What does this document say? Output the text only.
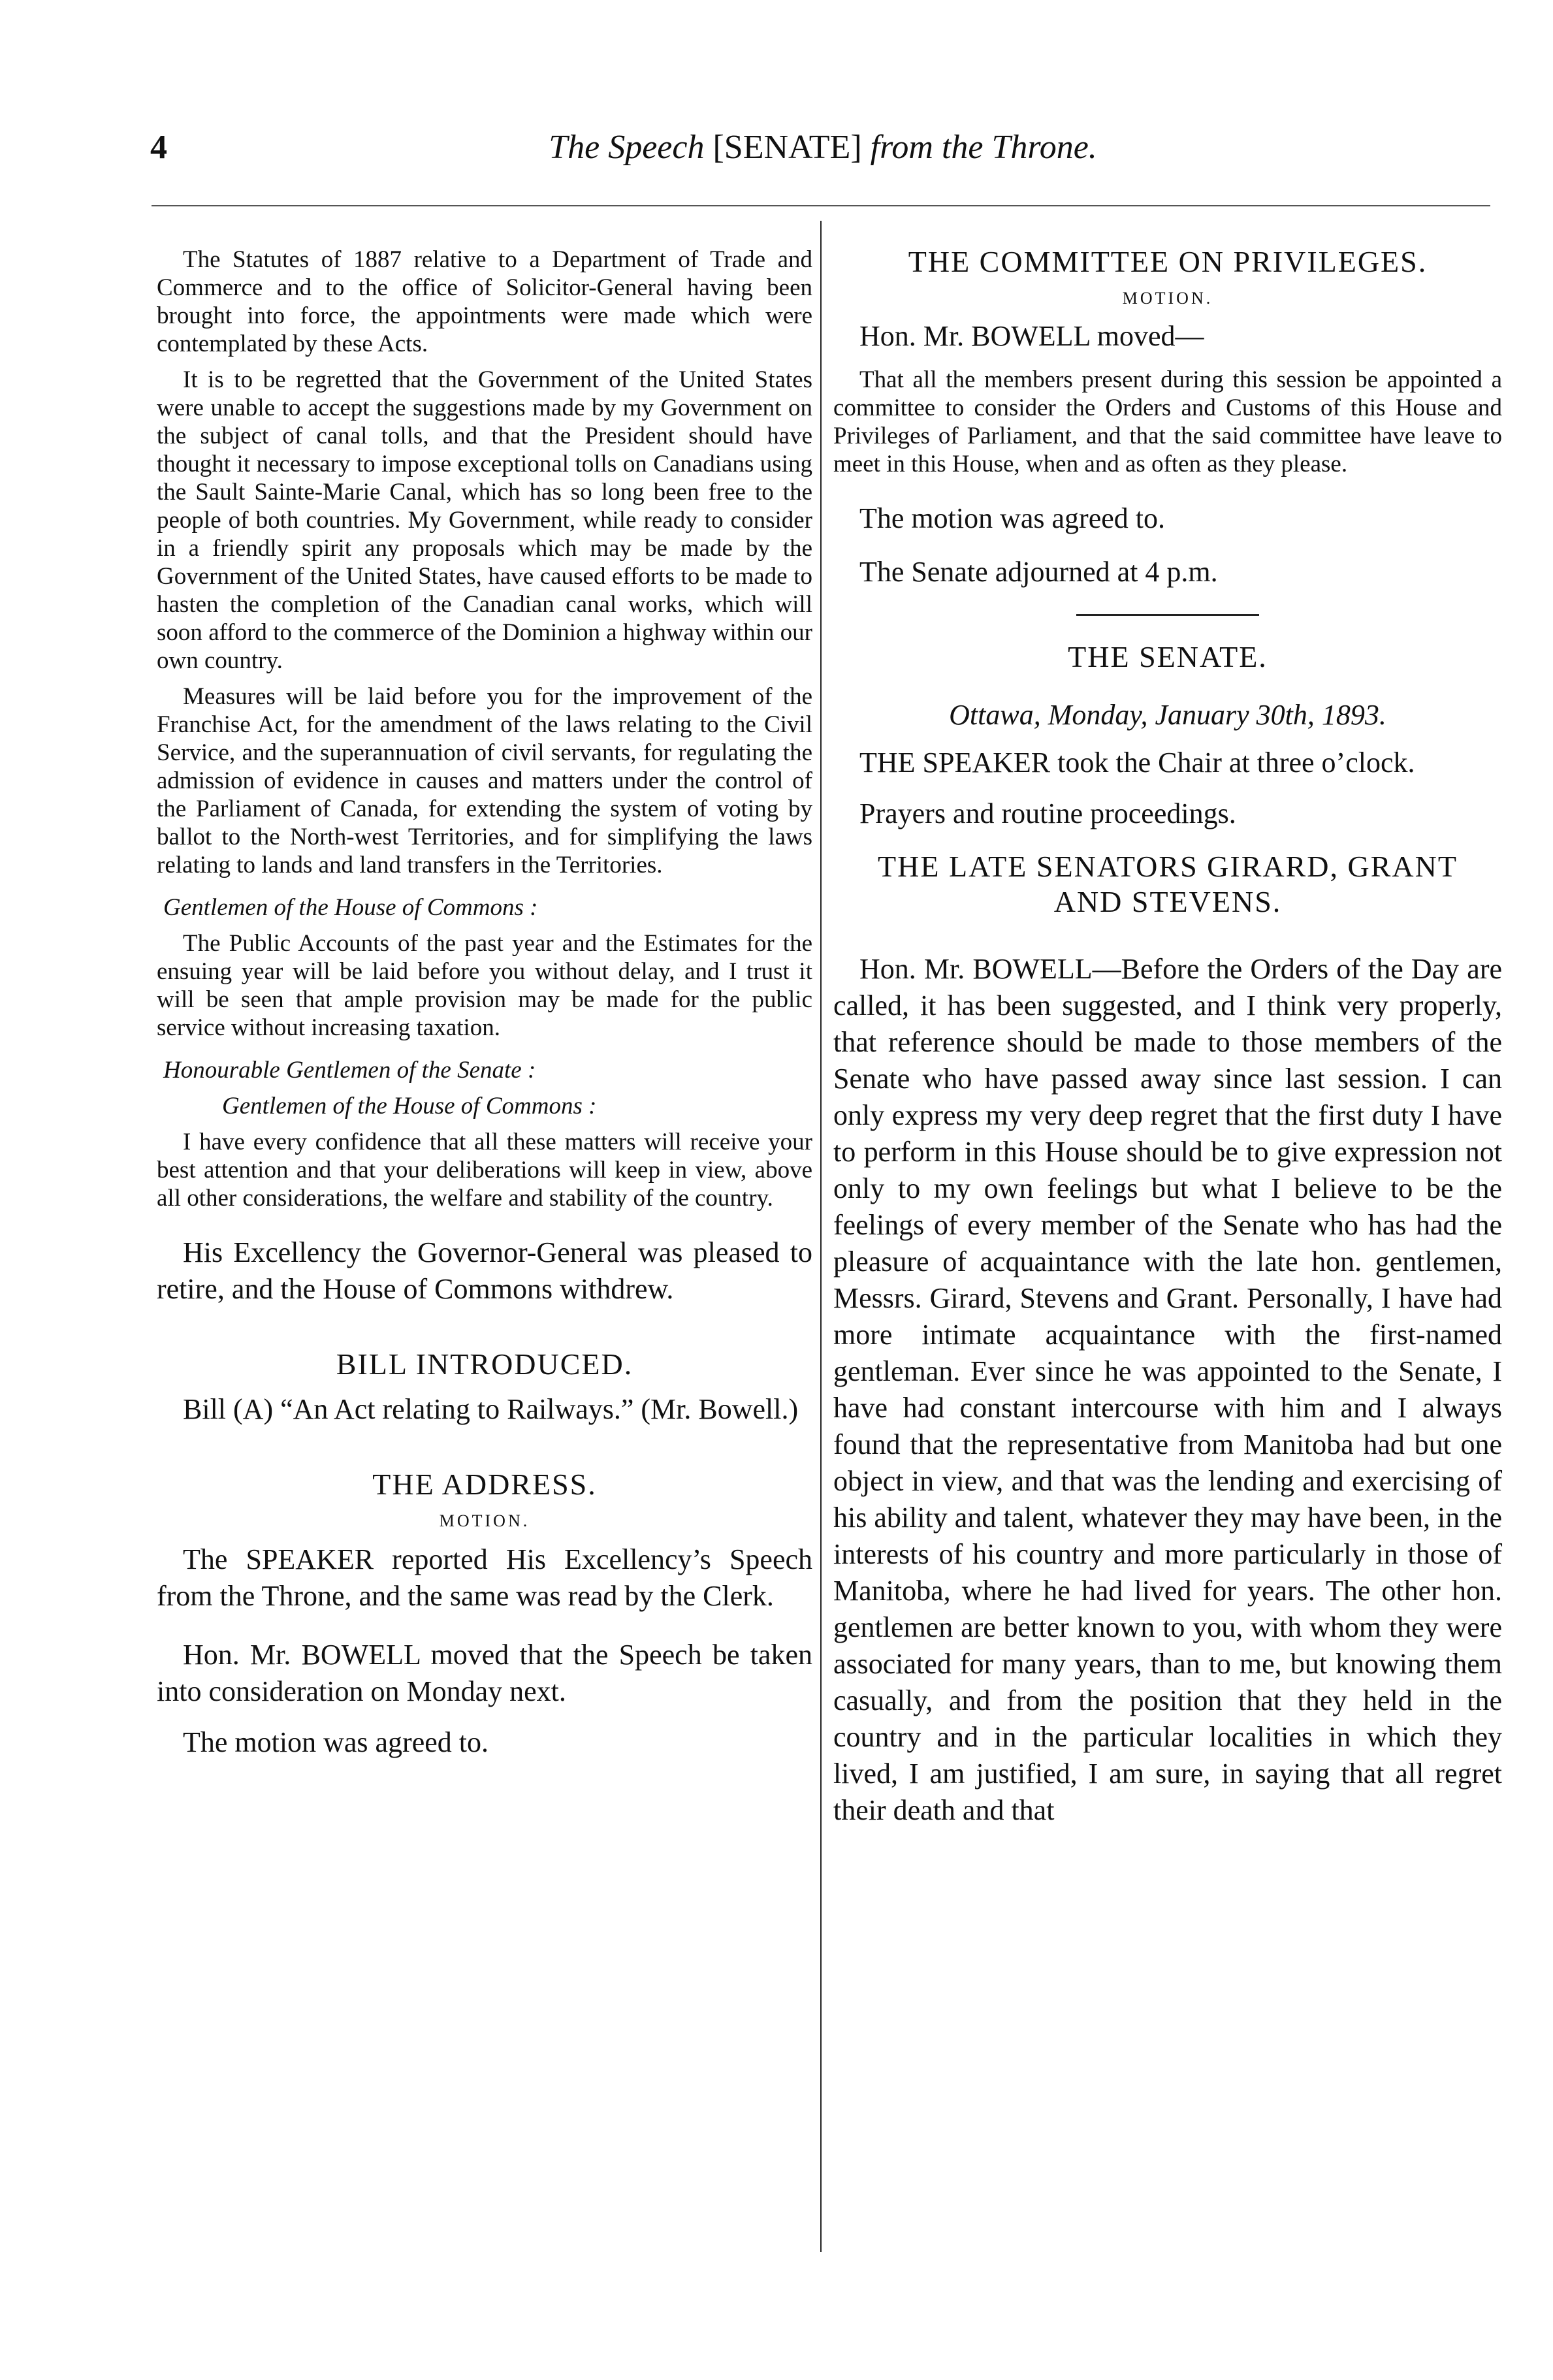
4	The Speech [SENATE] from the Throne.

The Statutes of 1887 relative to a Department of Trade and Commerce and to the office of Solicitor-General having been brought into force, the appointments were made which were contemplated by these Acts.

It is to be regretted that the Government of the United States were unable to accept the suggestions made by my Government on the subject of canal tolls, and that the President should have thought it necessary to impose exceptional tolls on Canadians using the Sault Sainte-Marie Canal, which has so long been free to the people of both countries. My Government, while ready to consider in a friendly spirit any proposals which may be made by the Government of the United States, have caused efforts to be made to hasten the completion of the Canadian canal works, which will soon afford to the commerce of the Dominion a highway within our own country.

Measures will be laid before you for the improvement of the Franchise Act, for the amendment of the laws relating to the Civil Service, and the superannuation of civil servants, for regulating the admission of evidence in causes and matters under the control of the Parliament of Canada, for extending the system of voting by ballot to the North-west Territories, and for simplifying the laws relating to lands and land transfers in the Territories.

Gentlemen of the House of Commons :

The Public Accounts of the past year and the Estimates for the ensuing year will be laid before you without delay, and I trust it will be seen that ample provision may be made for the public service without increasing taxation.

Honourable Gentlemen of the Senate :
Gentlemen of the House of Commons :

I have every confidence that all these matters will receive your best attention and that your deliberations will keep in view, above all other considerations, the welfare and stability of the country.

His Excellency the Governor-General was pleased to retire, and the House of Commons withdrew.

BILL INTRODUCED.

Bill (A) “An Act relating to Railways.” (Mr. Bowell.)

THE ADDRESS.
MOTION.

The SPEAKER reported His Excellency’s Speech from the Throne, and the same was read by the Clerk.

Hon. Mr. BOWELL moved that the Speech be taken into consideration on Monday next.

The motion was agreed to.

THE COMMITTEE ON PRIVILEGES.
MOTION.
Hon. Mr. BOWELL moved—

That all the members present during this session be appointed a committee to consider the Orders and Customs of this House and Privileges of Parliament, and that the said committee have leave to meet in this House, when and as often as they please.

The motion was agreed to.

The Senate adjourned at 4 p.m.

THE SENATE.
Ottawa, Monday, January 30th, 1893.

THE SPEAKER took the Chair at three o’clock.

Prayers and routine proceedings.

THE LATE SENATORS GIRARD, GRANT AND STEVENS.

Hon. Mr. BOWELL—Before the Orders of the Day are called, it has been suggested, and I think very properly, that reference should be made to those members of the Senate who have passed away since last session. I can only express my very deep regret that the first duty I have to perform in this House should be to give expression not only to my own feelings but what I believe to be the feelings of every member of the Senate who has had the pleasure of acquaintance with the late hon. gentlemen, Messrs. Girard, Stevens and Grant. Personally, I have had more intimate acquaintance with the first-named gentleman. Ever since he was appointed to the Senate, I have had constant intercourse with him and I always found that the representative from Manitoba had but one object in view, and that was the lending and exercising of his ability and talent, whatever they may have been, in the interests of his country and more particularly in those of Manitoba, where he had lived for years. The other hon. gentlemen are better known to you, with whom they were associated for many years, than to me, but knowing them casually, and from the position that they held in the country and in the particular localities in which they lived, I am justified, I am sure, in saying that all regret their death and that
